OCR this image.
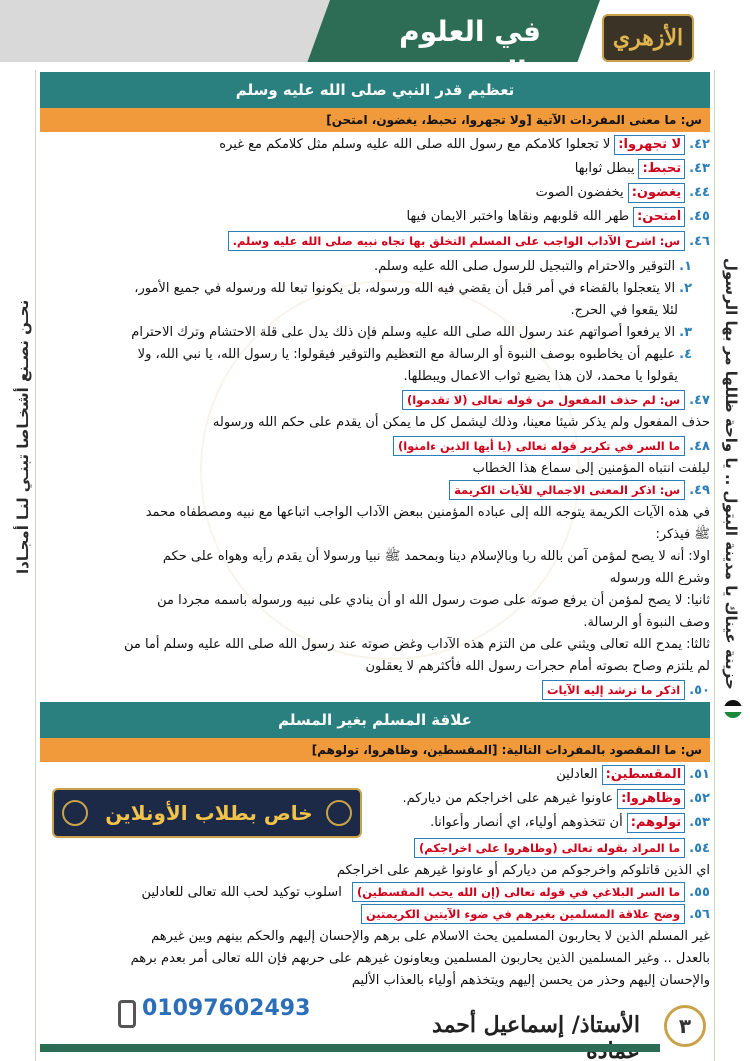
في العلوم	الأزهري
نحـن نصـنع أشخـاصا تبنـي لنـا أمجـادا	حزينة عيناك يا مدينة البتول .. يا واحة ظللها مر بها الرسول
تعظيم قدر النبي صلى الله عليه وسلم
س: ما معنى المفردات الآتية [ولا تجهروا، تحبط، يغضون، امتحن]
٤٢.لا تجهروا:لا تجعلوا كلامكم مع رسول الله صلى الله عليه وسلم مثل كلامكم مع غيره
٤٣.تحبط:يبطل ثوابها
٤٤.يغضون:يخفضون الصوت
٤٥.امتحن:طهر الله قلوبهم ونقاها واختبر الايمان فيها
٤٦.س: اشرح الآداب الواجب على المسلم التخلق بها تجاه نبيه صلى الله عليه وسلم.
١.التوقير والاحترام والتبجيل للرسول صلى الله عليه وسلم.
٢.الا يتعجلوا بالقضاء في أمر قبل أن يقضي فيه الله ورسوله، بل يكونوا تبعا لله ورسوله في جميع الأمور،
لئلا يقعوا في الحرج.
٣.الا يرفعوا أصواتهم عند رسول الله صلى الله عليه وسلم فإن ذلك يدل على قلة الاحتشام وترك الاحترام
٤.عليهم أن يخاطبوه بوصف النبوة أو الرسالة مع التعظيم والتوقير فيقولوا: يا رسول الله، يا نبي الله، ولا
يقولوا يا محمد، لان هذا يضيع ثواب الاعمال ويبطلها.
٤٧.س: لم حذف المفعول من قوله تعالى (لا تقدموا)
حذف المفعول ولم يذكر شيئا معينا، وذلك ليشمل كل ما يمكن أن يقدم على حكم الله ورسوله
٤٨.ما السر في تكرير قوله تعالى (يا أيها الذين ءامنوا)
ليلفت انتباه المؤمنين إلى سماع هذا الخطاب
٤٩.س: اذكر المعنى الاجمالي للآيات الكريمة
في هذه الآيات الكريمة يتوجه الله إلى عباده المؤمنين ببعض الآداب الواجب اتباعها مع نبيه ومصطفاه محمد
ﷺ فيذكر:
اولا: أنه لا يصح لمؤمن آمن بالله ربا وبالإسلام دينا وبمحمد ﷺ نبيا ورسولا أن يقدم رأيه وهواه على حكم
وشرع الله ورسوله
ثانيا: لا يصح لمؤمن أن يرفع صوته على صوت رسول الله او أن ينادي على نبيه ورسوله باسمه مجردا من
وصف النبوة أو الرسالة.
ثالثا: يمدح الله تعالى ويثني على من التزم هذه الآداب وغض صوته عند رسول الله صلى الله عليه وسلم أما من
لم يلتزم وصاح بصوته أمام حجرات رسول الله فأكثرهم لا يعقلون
٥٠.اذكر ما ترشد إليه الآيات
علاقة المسلم بغير المسلم
س: ما المقصود بالمفردات التالية: [المقسطين، وظاهروا، تولوهم]
٥١.المقسطين:العادلين
٥٢.وظاهروا:عاونوا غيرهم على اخراجكم من دياركم.
٥٣.تولوهم:أن تتخذوهم أولياء، اي أنصار وأعوانا.
خاص بطلاب الأونلاين
٥٤.ما المراد بقوله تعالى (وظاهروا على اخراجكم)
اي الذين قاتلوكم واخرجوكم من دياركم أو عاونوا غيرهم على اخراجكم
٥٥.ما السر البلاغي في قوله تعالى (إن الله يحب المقسطين) اسلوب توكيد لحب الله تعالى للعادلين
٥٦.وضح علاقة المسلمين بغيرهم في ضوء الآيتين الكريمتين
غير المسلم الذين لا يحاربون المسلمين يحث الاسلام على برهم والإحسان إليهم والحكم بينهم وبين غيرهم
بالعدل .. وغير المسلمين الذين يحاربون المسلمين ويعاونون غيرهم على حربهم فإن الله تعالى أمر بعدم برهم
والإحسان إليهم وحذر من يحسن إليهم ويتخذهم أولياء بالعذاب الأليم
01097602493
الأستاذ/ إسماعيل أحمد	٣
